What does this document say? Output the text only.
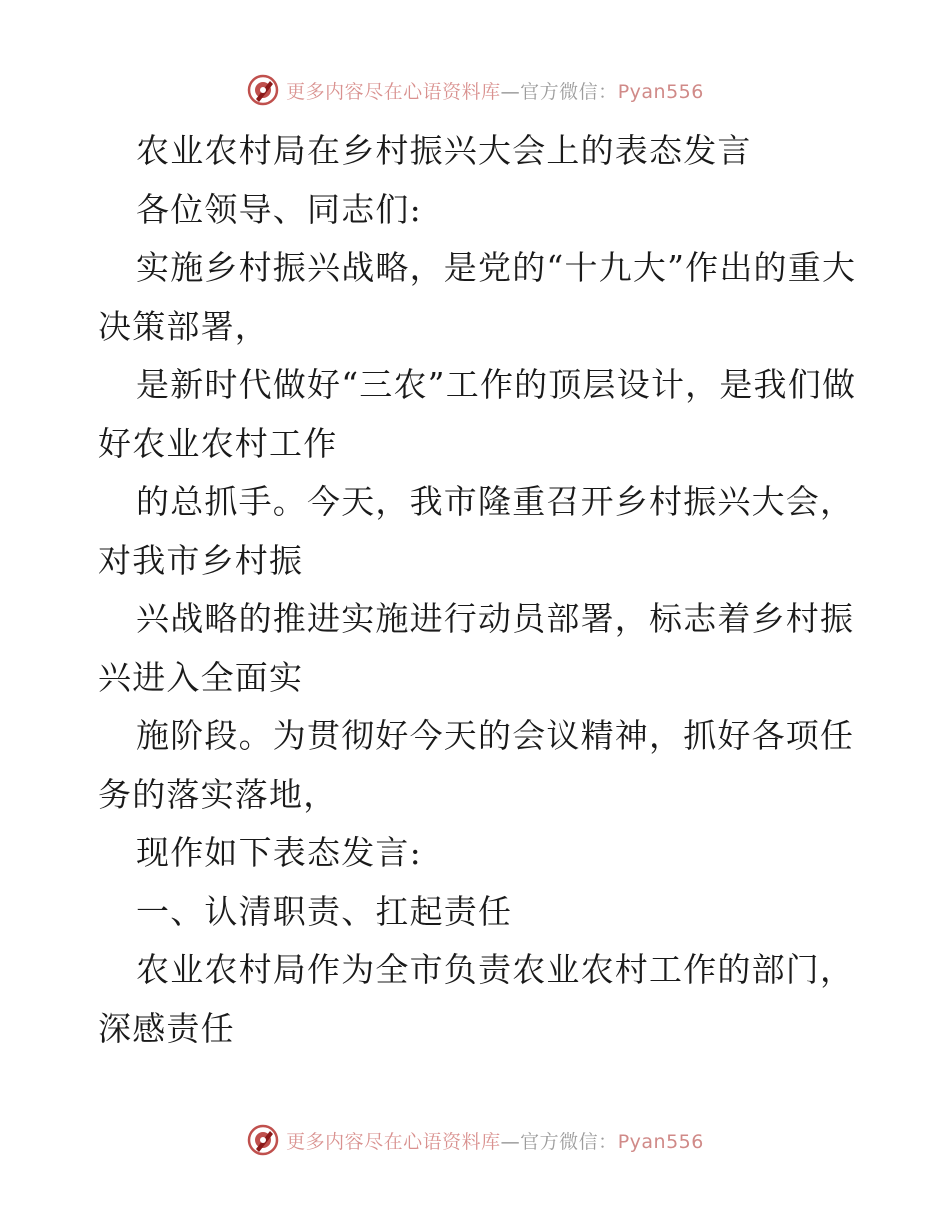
更多内容尽在心语资料库—官方微信：Pyan556

农业农村局在乡村振兴大会上的表态发言

各位领导、同志们:

实施乡村振兴战略，是党的“十九大”作出的重大决策部署，

是新时代做好“三农”工作的顶层设计，是我们做好农业农村工作

的总抓手。今天，我市隆重召开乡村振兴大会，对我市乡村振

兴战略的推进实施进行动员部署，标志着乡村振兴进入全面实

施阶段。为贯彻好今天的会议精神，抓好各项任务的落实落地，

现作如下表态发言:

一、认清职责、扛起责任

农业农村局作为全市负责农业农村工作的部门，深感责任

更多内容尽在心语资料库—官方微信：Pyan556
